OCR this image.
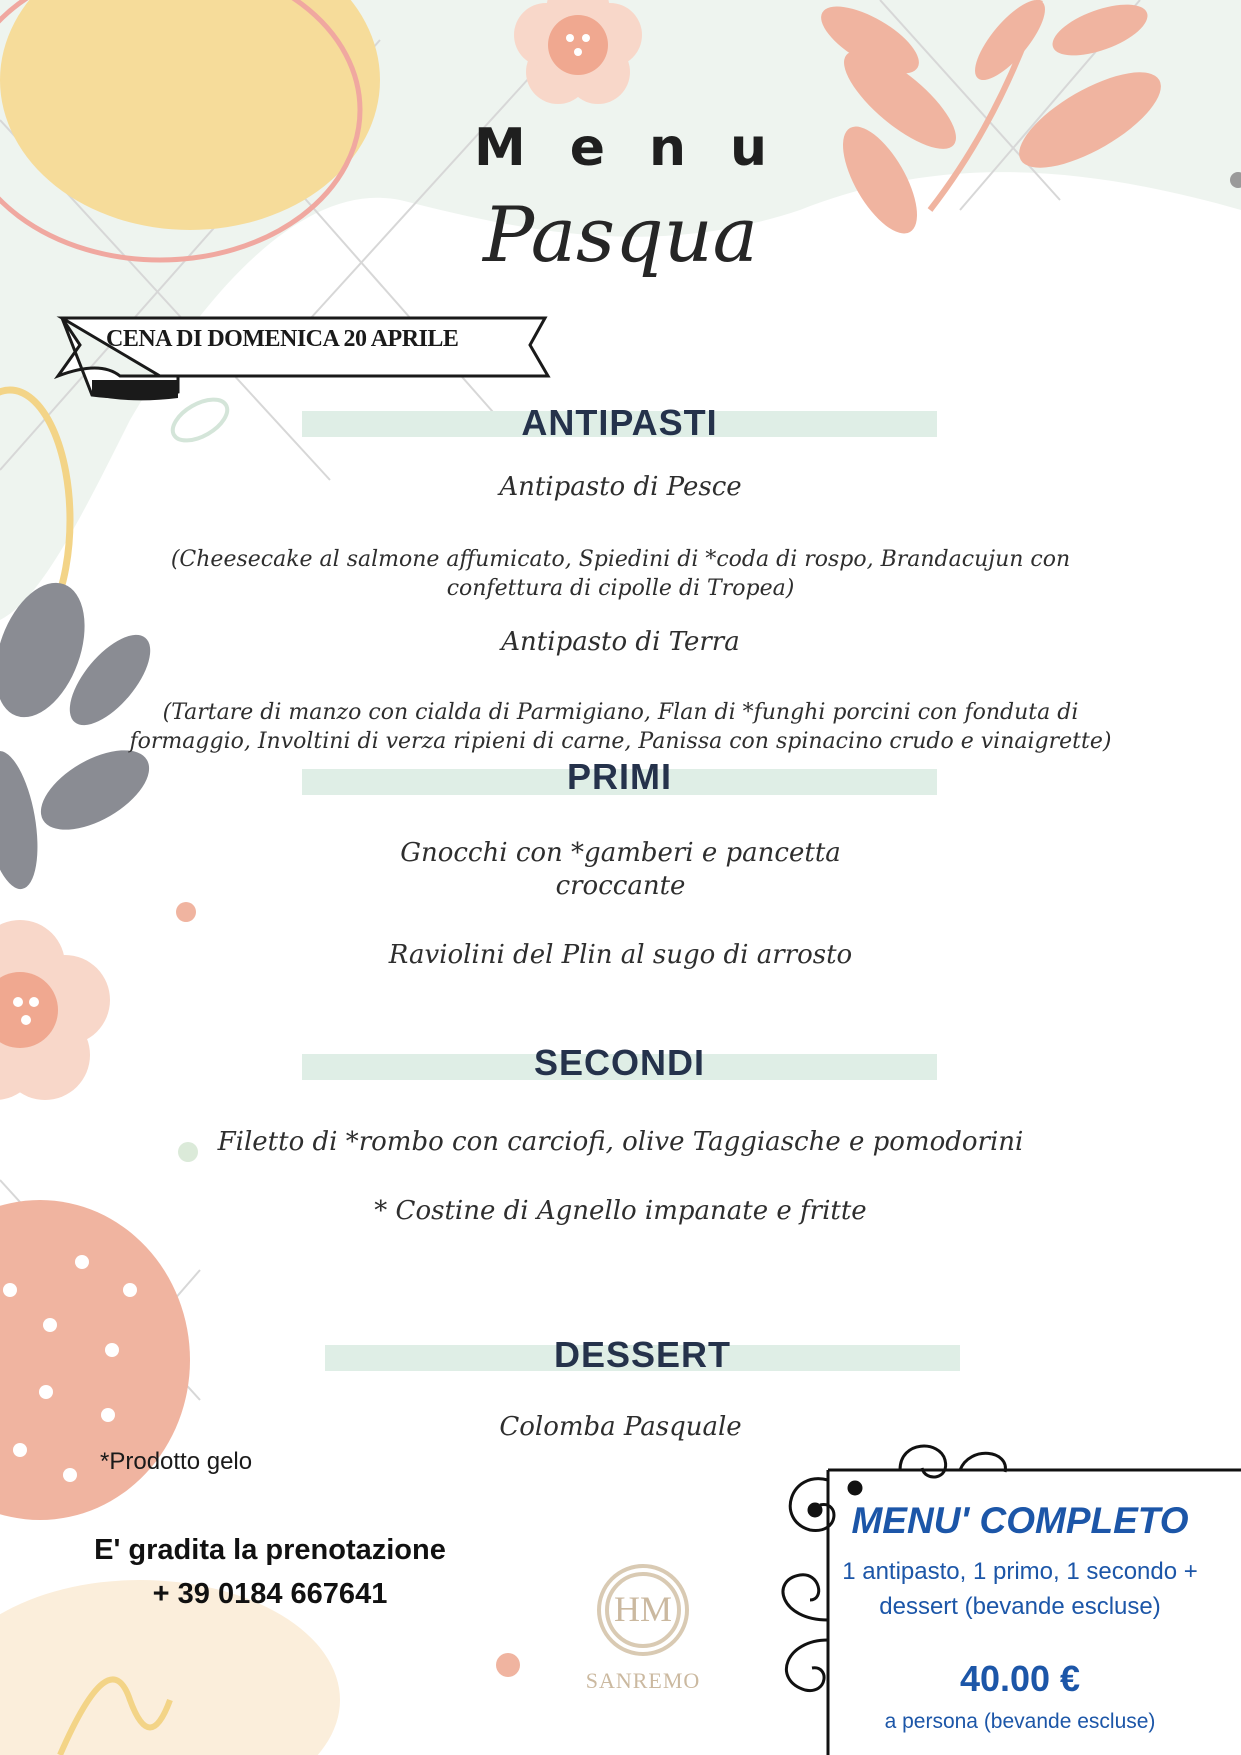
Menu
Pasqua
CENA DI DOMENICA 20 APRILE
ANTIPASTI
Antipasto di Pesce
(Cheesecake al salmone affumicato, Spiedini di *coda di rospo, Brandacujun con
confettura di cipolle di Tropea)
Antipasto di Terra
(Tartare di manzo con cialda di Parmigiano, Flan di *funghi porcini con fonduta di
formaggio, Involtini di verza ripieni di carne, Panissa con spinacino crudo e vinaigrette)
PRIMI
Gnocchi con *gamberi e pancetta
croccante
Raviolini del Plin al sugo di arrosto
SECONDI
Filetto di *rombo con carciofi, olive Taggiasche e pomodorini
* Costine di Agnello impanate e fritte
DESSERT
Colomba Pasquale
*Prodotto gelo
E' gradita la prenotazione
+ 39 0184 667641	HM
SANREMO
MENU' COMPLETO
1 antipasto, 1 primo, 1 secondo +
dessert (bevande escluse)
40.00 €
a persona (bevande escluse)
